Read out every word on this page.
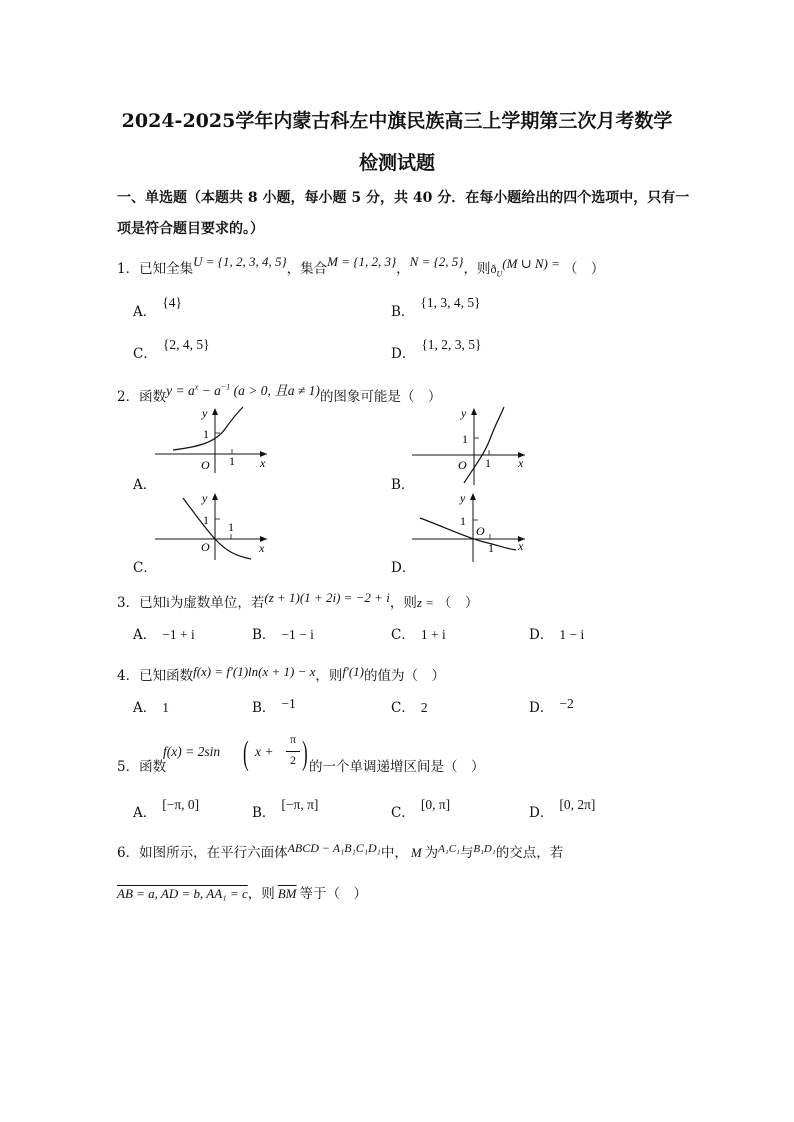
2024-2025学年内蒙古科左中旗民族高三上学期第三次月考数学
检测试题
一、单选题（本题共 8 小题，每小题 5 分，共 40 分．在每小题给出的四个选项中，只有一
项是符合题目要求的。）
1．已知全集U = {1, 2, 3, 4, 5}，集合M = {1, 2, 3}，N = {2, 5}，则$ð_U(M$ ∪ N) = （　）
A．{4}
B．{1, 3, 4, 5}
C．{2, 4, 5}
D．{1, 2, 3, 5}
2．函数$y = a^x - a^{-1}$ (a > 0, 且a ≠ 1)的图象可能是（　）
A．	B．
C．	D．
y
x
1
1
O
y
x
1
1
O
y
x
1 1
O
y
x
1
O
1
3．已知i为虚数单位，若(z + 1)(1 + 2i) = −2 + i，则z = （　）
A． −1 + i	B． −1 − i	C． 1 + i	D． 1 − i
4．已知函数f(x) = f′(1)ln(x + 1) − x，则f′(1)的值为（　）
A． 1	B． −1	C． 2	D． −2
f(x) = 2sin ( x +
π
2 )
5．函数	的一个单调递增区间是（　）
A．[−π, 0]
B．[−π, π]
C．[0, π]
D．[0, 2π]
6．如图所示，在平行六面体ABCD − A₁B₁C₁D₁中， M 为$^{A_1C_1}$与$^{B_1D_1}$的交点，若
AB = a, AD = b, AA₁ = c，则 $\overline{BM}$ 等于（　）
